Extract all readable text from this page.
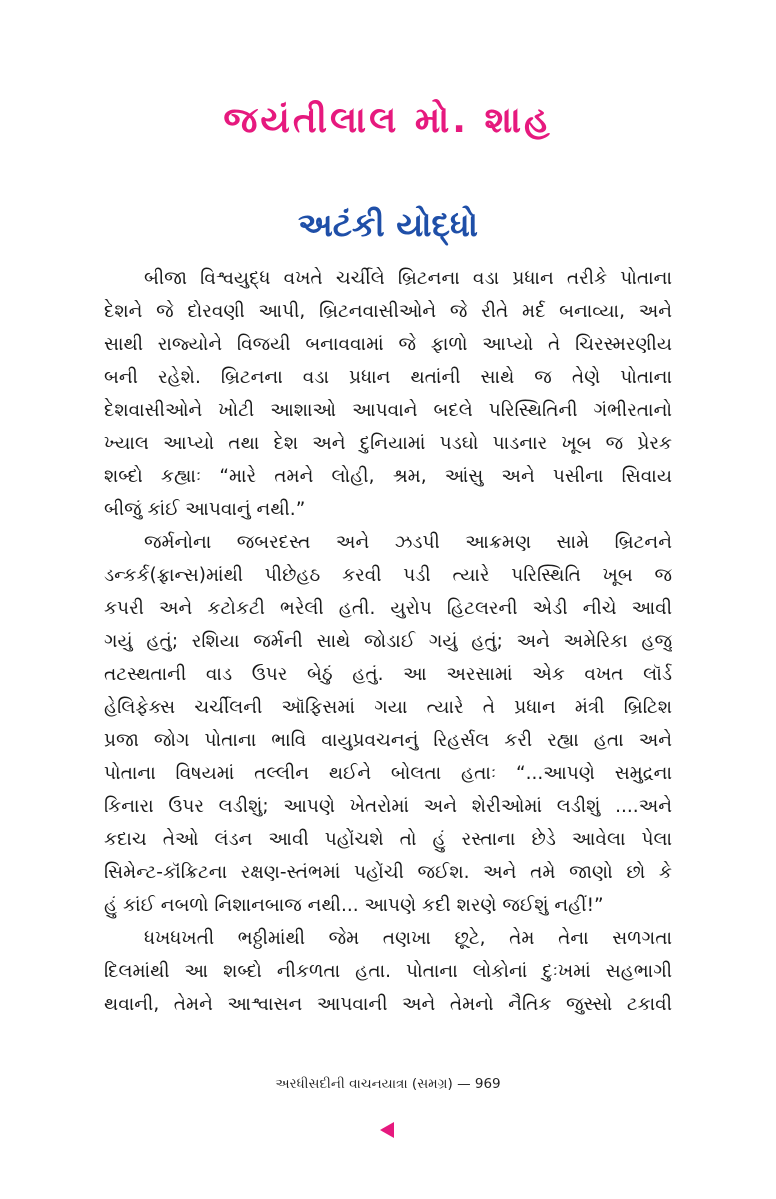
જયંતીલાલ મો. શાહ
અટંકી યોદ્ધો

બીજા વિશ્વયુદ્ધ વખતે ચર્ચીલે બ્રિટનના વડા પ્રધાન તરીકે પોતાના

દેશને જે દોરવણી આપી, બ્રિટનવાસીઓને જે રીતે મર્દ બનાવ્યા, અને

સાથી રાજ્યોને વિજયી બનાવવામાં જે ફાળો આપ્યો તે ચિરસ્મરણીય

બની રહેશે. બ્રિટનના વડા પ્રધાન થતાંની સાથે જ તેણે પોતાના

દેશવાસીઓને ખોટી આશાઓ આપવાને બદલે પરિસ્થિતિની ગંભીરતાનો

ખ્યાલ આપ્યો તથા દેશ અને દુનિયામાં પડઘો પાડનાર ખૂબ જ પ્રેરક

શબ્દો કહ્યાઃ “મારે તમને લોહી, શ્રમ, આંસુ અને પસીના સિવાય

બીજું કાંઈ આપવાનું નથી.”

જર્મનોના જબરદસ્ત અને ઝડપી આક્રમણ સામે બ્રિટનને

ડન્કર્ક(ફ્રાન્સ)માંથી પીછેહઠ કરવી પડી ત્યારે પરિસ્થિતિ ખૂબ જ

કપરી અને કટોકટી ભરેલી હતી. યુરોપ હિટલરની એડી નીચે આવી

ગયું હતું; રશિયા જર્મની સાથે જોડાઈ ગયું હતું; અને અમેરિકા હજુ

તટસ્થતાની વાડ ઉપર બેઠું હતું. આ અરસામાં એક વખત લૉર્ડ

હેલિફેક્સ ચર્ચીલની ઑફિસમાં ગયા ત્યારે તે પ્રધાન મંત્રી બ્રિટિશ

પ્રજા જોગ પોતાના ભાવિ વાયુપ્રવચનનું રિહર્સલ કરી રહ્યા હતા અને

પોતાના વિષયમાં તલ્લીન થઈને બોલતા હતાઃ “...આપણે સમુદ્રના

કિનારા ઉપર લડીશું; આપણે ખેતરોમાં અને શેરીઓમાં લડીશું ....અને

કદાચ તેઓ લંડન આવી પહોંચશે તો હું રસ્તાના છેડે આવેલા પેલા

સિમેન્ટ-કૉંક્રિટના રક્ષણ-સ્તંભમાં પહોંચી જઈશ. અને તમે જાણો છો કે

હું કાંઈ નબળો નિશાનબાજ નથી... આપણે કદી શરણે જઈશું નહીં!”

ધખધખતી ભઠ્ઠીમાંથી જેમ તણખા છૂટે, તેમ તેના સળગતા

દિલમાંથી આ શબ્દો નીકળતા હતા. પોતાના લોકોનાં દુઃખમાં સહભાગી

થવાની, તેમને આશ્વાસન આપવાની અને તેમનો નૈતિક જુસ્સો ટકાવી

અરધીસદીની વાચનયાત્રા (સમગ્ર) — 969
